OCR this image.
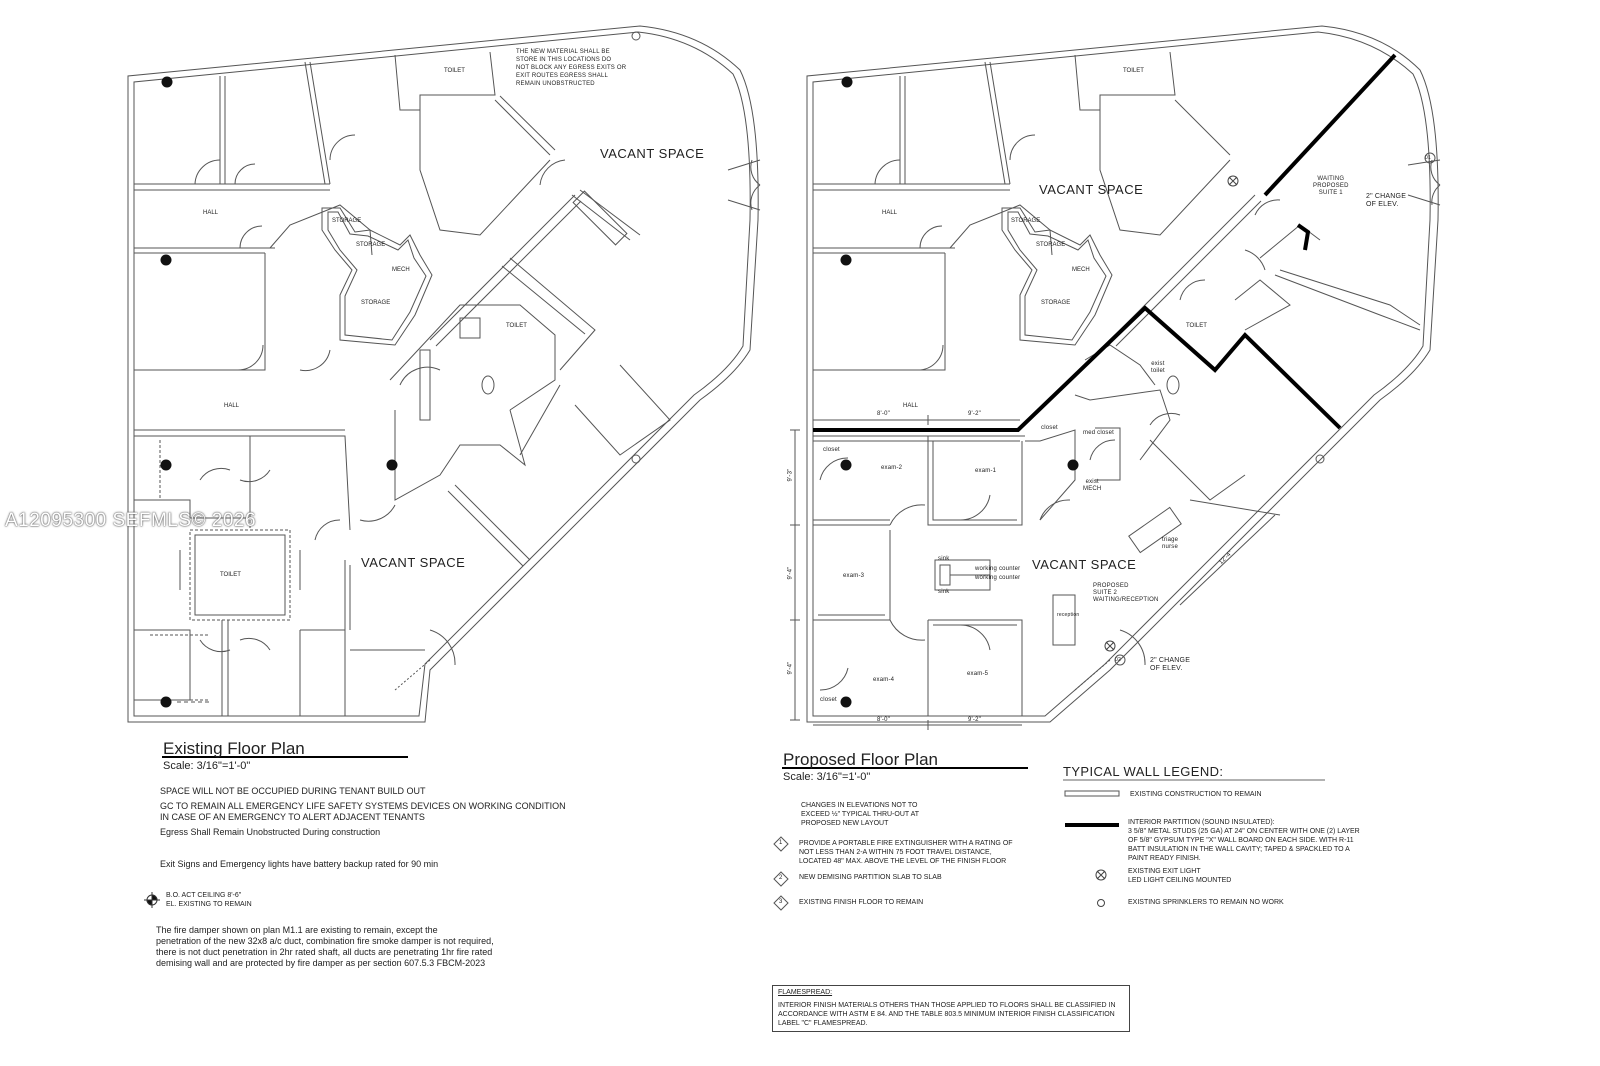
TOILET
THE NEW MATERIAL SHALL BE
STORE IN THIS LOCATIONS DO
NOT BLOCK ANY EGRESS EXITS OR
EXIT ROUTES EGRESS SHALL
REMAIN UNOBSTRUCTED
VACANT SPACE
HALL
STORAGE
STORAGE
MECH
STORAGE
TOILET
HALL
TOILET
VACANT SPACE
Existing Floor Plan
Scale: 3/16"=1'-0"
SPACE WILL NOT BE OCCUPIED DURING TENANT BUILD OUT
GC TO REMAIN ALL EMERGENCY LIFE SAFETY SYSTEMS DEVICES ON WORKING CONDITION
IN CASE OF AN EMERGENCY TO ALERT ADJACENT TENANTS
Egress Shall Remain Unobstructed During construction
Exit Signs and Emergency lights have battery backup rated for 90 min
B.O. ACT CEILING 8'-6"
EL. EXISTING TO REMAIN
The fire damper shown on plan M1.1 are existing to remain, except the
penetration of the new 32x8 a/c duct, combination fire smoke damper is not required,
there is not duct penetration in 2hr rated shaft, all ducts are penetrating 1hr fire rated
demising wall and are protected by fire damper as per section 607.5.3 FBCM-2023
TOILET
VACANT SPACE
HALL
STORAGE
STORAGE
MECH
STORAGE
TOILET
HALL
WAITING
PROPOSED
SUITE 1	2" CHANGE
OF ELEV.
01
exist
toilet
8'-0"	9'-2"
closet
med closet
closet
exam-2	exam-1
exist
MECH
triage
nurse
sink
working counter
working counter
sink
VACANT SPACE
exam-3
PROPOSED
SUITE 2
WAITING/RECEPTION
reception
2" CHANGE
OF ELEV.
02
exam-4
exam-5
closet
8'-0"	9'-2"
9'-3"
9'-4"
9'-4"
12'-4"
Proposed Floor Plan
Scale: 3/16"=1'-0"
CHANGES IN ELEVATIONS NOT TO
EXCEED ½" TYPICAL THRU-OUT AT
PROPOSED NEW LAYOUT
1 PROVIDE A PORTABLE FIRE EXTINGUISHER WITH A RATING OF
NOT LESS THAN 2-A WITHIN 75 FOOT TRAVEL DISTANCE,
LOCATED 48" MAX. ABOVE THE LEVEL OF THE FINISH FLOOR
2 NEW DEMISING PARTITION SLAB TO SLAB
3 EXISTING FINISH FLOOR TO REMAIN
TYPICAL WALL LEGEND:
EXISTING CONSTRUCTION TO REMAIN
INTERIOR PARTITION (SOUND INSULATED):
3 5/8" METAL STUDS (25 GA) AT 24" ON CENTER WITH ONE (2) LAYER
OF 5/8" GYPSUM TYPE "X" WALL BOARD ON EACH SIDE. WITH R-11
BATT INSULATION IN THE WALL CAVITY; TAPED & SPACKLED TO A
PAINT READY FINISH.
EXISTING EXIT LIGHT
LED LIGHT CEILING MOUNTED
EXISTING SPRINKLERS TO REMAIN NO WORK
FLAMESPREAD:
INTERIOR FINISH MATERIALS OTHERS THAN THOSE APPLIED TO FLOORS SHALL BE CLASSIFIED IN
ACCORDANCE WITH ASTM E 84. AND THE TABLE 803.5 MINIMUM INTERIOR FINISH CLASSIFICATION
LABEL "C" FLAMESPREAD.
A12095300 SEFMLS© 2026
